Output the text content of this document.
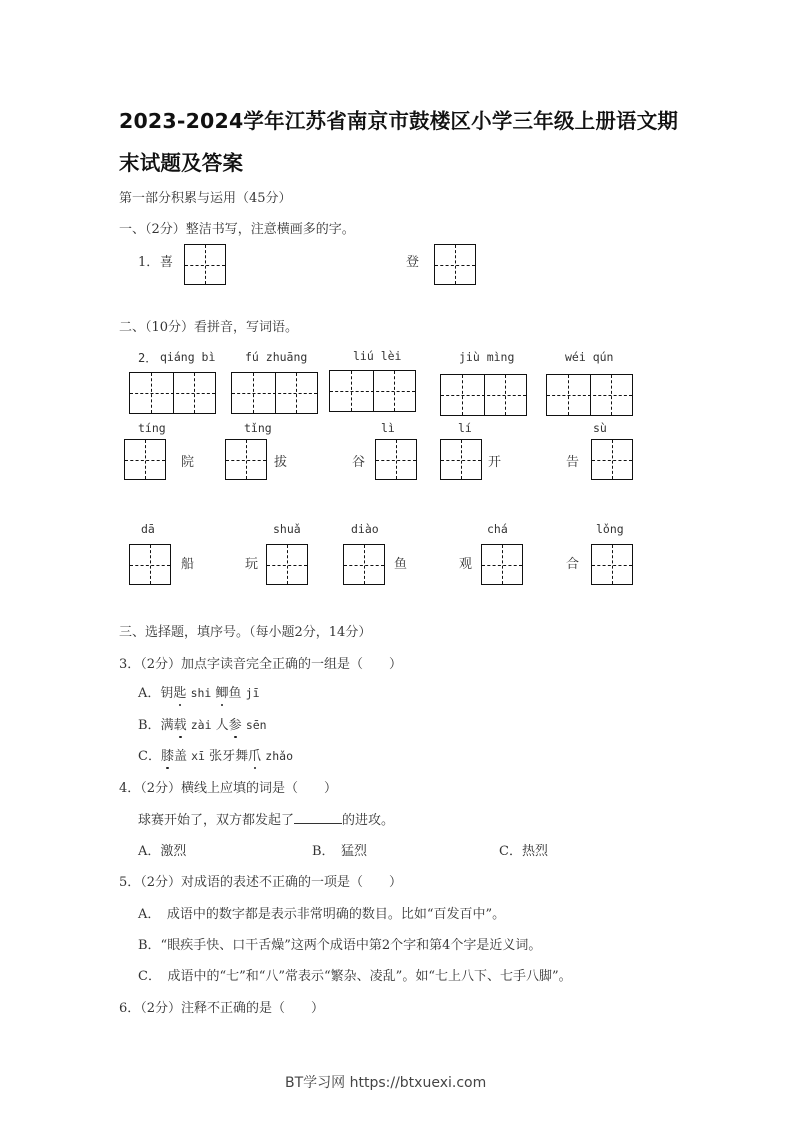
2023-2024学年江苏省南京市鼓楼区小学三年级上册语文期
末试题及答案
第一部分积累与运用（45分）
一、（2分）整洁书写，注意横画多的字。
1． 喜	登
二、（10分）看拼音，写词语。
2． qiáng bì	fú zhuāng	liú lèi	jiù mìng	wéi qún
tíng	tǐng	lì	lí	sù
院	拔	谷	开	告
dā	shuǎ	diào	chá	lǒng
船	玩	鱼	观	合
三、选择题，填序号。（每小题2分，14分）
3．（2分）加点字读音完全正确的一组是（　　）
A．钥匙 shi 鲫鱼 jī
B．满载 zài 人参 sēn
C．膝盖 xī 张牙舞爪 zhǎo
4．（2分）横线上应填的词是（　　）
球赛开始了，双方都发起了	的进攻。
A．激烈	B．　猛烈	C．热烈
5．（2分）对成语的表述不正确的一项是（　　）
A．　成语中的数字都是表示非常明确的数目。比如“百发百中”。
B．“眼疾手快、口干舌燥”这两个成语中第2个字和第4个字是近义词。
C．　成语中的“七”和“八”常表示“繁杂、凌乱”。如“七上八下、七手八脚”。
6．（2分）注释不正确的是（　　）
BT学习网 https://btxuexi.com
